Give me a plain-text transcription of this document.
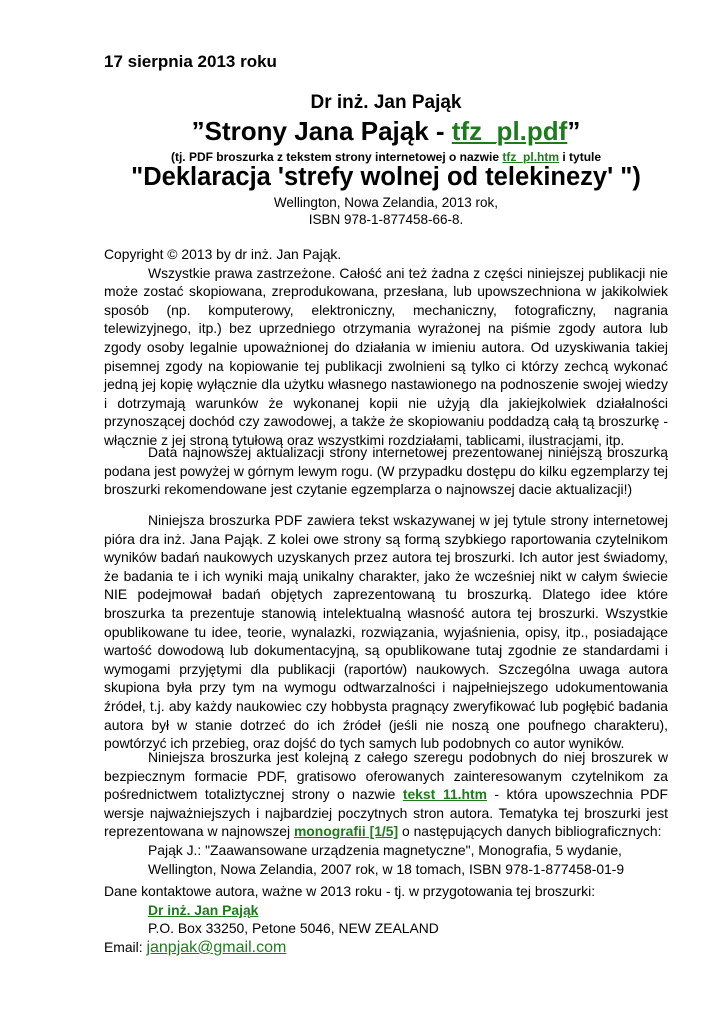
17 sierpnia 2013 roku
Dr inż. Jan Pająk
”Strony Jana Pająk - tfz_pl.pdf”
(tj. PDF broszurka z tekstem strony internetowej o nazwie tfz_pl.htm i tytule
"Deklaracja 'strefy wolnej od telekinezy' ")
Wellington, Nowa Zelandia, 2013 rok,
ISBN 978-1-877458-66-8.

Copyright © 2013 by dr inż. Jan Pająk.

Wszystkie prawa zastrzeżone. Całość ani też żadna z części niniejszej publikacji nie może zostać skopiowana, zreprodukowana, przesłana, lub upowszechniona w jakikolwiek sposób (np. komputerowy, elektroniczny, mechaniczny, fotograficzny, nagrania telewizyjnego, itp.) bez uprzedniego otrzymania wyrażonej na piśmie zgody autora lub zgody osoby legalnie upoważnionej do działania w imieniu autora. Od uzyskiwania takiej pisemnej zgody na kopiowanie tej publikacji zwolnieni są tylko ci którzy zechcą wykonać jedną jej kopię wyłącznie dla użytku własnego nastawionego na podnoszenie swojej wiedzy i dotrzymają warunków że wykonanej kopii nie użyją dla jakiejkolwiek działalności przynoszącej dochód czy zawodowej, a także że skopiowaniu poddadzą całą tą broszurkę - włącznie z jej stroną tytułową oraz wszystkimi rozdziałami, tablicami, ilustracjami, itp.

Data najnowszej aktualizacji strony internetowej prezentowanej niniejszą broszurką podana jest powyżej w górnym lewym rogu. (W przypadku dostępu do kilku egzemplarzy tej broszurki rekomendowane jest czytanie egzemplarza o najnowszej dacie aktualizacji!)

Niniejsza broszurka PDF zawiera tekst wskazywanej w jej tytule strony internetowej pióra dra inż. Jana Pająk. Z kolei owe strony są formą szybkiego raportowania czytelnikom wyników badań naukowych uzyskanych przez autora tej broszurki. Ich autor jest świadomy, że badania te i ich wyniki mają unikalny charakter, jako że wcześniej nikt w całym świecie NIE podejmował badań objętych zaprezentowaną tu broszurką. Dlatego idee które broszurka ta prezentuje stanowią intelektualną własność autora tej broszurki. Wszystkie opublikowane tu idee, teorie, wynalazki, rozwiązania, wyjaśnienia, opisy, itp., posiadające wartość dowodową lub dokumentacyjną, są opublikowane tutaj zgodnie ze standardami i wymogami przyjętymi dla publikacji (raportów) naukowych. Szczególna uwaga autora skupiona była przy tym na wymogu odtwarzalności i najpełniejszego udokumentowania źródeł, t.j. aby każdy naukowiec czy hobbysta pragnący zweryfikować lub pogłębić badania autora był w stanie dotrzeć do ich źródeł (jeśli nie noszą one poufnego charakteru), powtórzyć ich przebieg, oraz dojść do tych samych lub podobnych co autor wyników.

Niniejsza broszurka jest kolejną z całego szeregu podobnych do niej broszurek w bezpiecznym formacie PDF, gratisowo oferowanych zainteresowanym czytelnikom za pośrednictwem totaliztycznej strony o nazwie tekst_11.htm - która upowszechnia PDF wersje najważniejszych i najbardziej poczytnych stron autora. Tematyka tej broszurki jest reprezentowana w najnowszej monografii [1/5] o następujących danych bibliograficznych:

Pająk J.: "Zaawansowane urządzenia magnetyczne", Monografia, 5 wydanie,

Wellington, Nowa Zelandia, 2007 rok, w 18 tomach, ISBN 978-1-877458-01-9

Dane kontaktowe autora, ważne w 2013 roku - tj. w przygotowania tej broszurki:

Dr inż. Jan Pająk

P.O. Box 33250, Petone 5046, NEW ZEALAND

Email: janpjak@gmail.com
